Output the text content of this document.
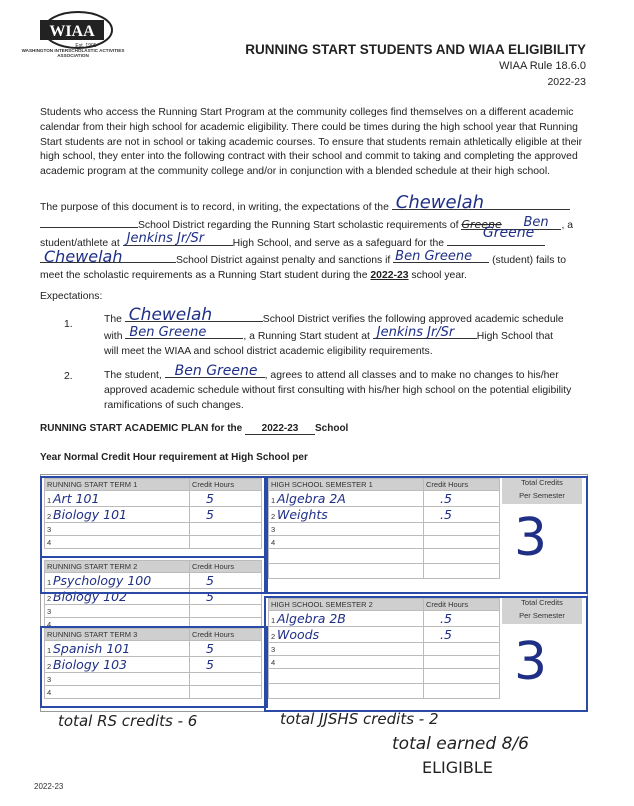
WIAA
Est. 1905
WASHINGTON INTERSCHOLASTIC ACTIVITIES ASSOCIATION	RUNNING START STUDENTS AND WIAA ELIGIBILITY
WIAA Rule 18.6.0
2022-23
Students who access the Running Start Program at the community colleges find themselves on a different academic calendar from their high school for academic eligibility. There could be times during the high school year that Running Start students are not in school or taking academic courses. To ensure that students remain athletically eligible at their high school, they enter into the following contract with their school and commit to taking and completing the approved academic program at the community college and/or in conjunction with a blended schedule at their high school.
The purpose of this document is to record, in writing, the expectations of the Chewelah

School District regarding the Running Start scholastic requirements of Greene Ben , a
student/athlete at Jenkins Jr/Sr	High School, and serve as a safeguard for the
Greene

Chewelah	School District against penalty and sanctions if Ben Greene (student) fails to
meet the scholastic requirements as a Running Start student during the 2022-23 school year.
Expectations:
1.	The Chewelah	School District verifies the following approved academic schedule
with Ben Greene	, a Running Start student at Jenkins Jr/Sr High School that
will meet the WIAA and school district academic eligibility requirements.
2.	The student, Ben Greene , agrees to attend all classes and to make no changes to his/her approved academic schedule without first consulting with his/her high school on the potential eligibility ramifications of such changes.
RUNNING START ACADEMIC PLAN for the 2022-23 School
Year Normal Credit Hour requirement at High School per
RUNNING START TERM 1	Credit Hours
1 Art 101	5
2 Biology 101	5
3	
4	
HIGH SCHOOL SEMESTER 1	Credit Hours
1 Algebra 2A	.5
2 Weights	.5
3	
4	

Total Credits
Per Semester
3
RUNNING START TERM 2	Credit Hours
1 Psychology 100	5
2 Biology 102	5
3	
4	
HIGH SCHOOL SEMESTER 2	Credit Hours
1 Algebra 2B	.5
2 Woods	.5
3	
4	

Total Credits
Per Semester
3
RUNNING START TERM 3	Credit Hours
1 Spanish 101	5
2 Biology 103	5
3	
4	
total RS credits - 6	total JJSHS credits - 2
total earned 8/6
ELIGIBLE
2022-23
